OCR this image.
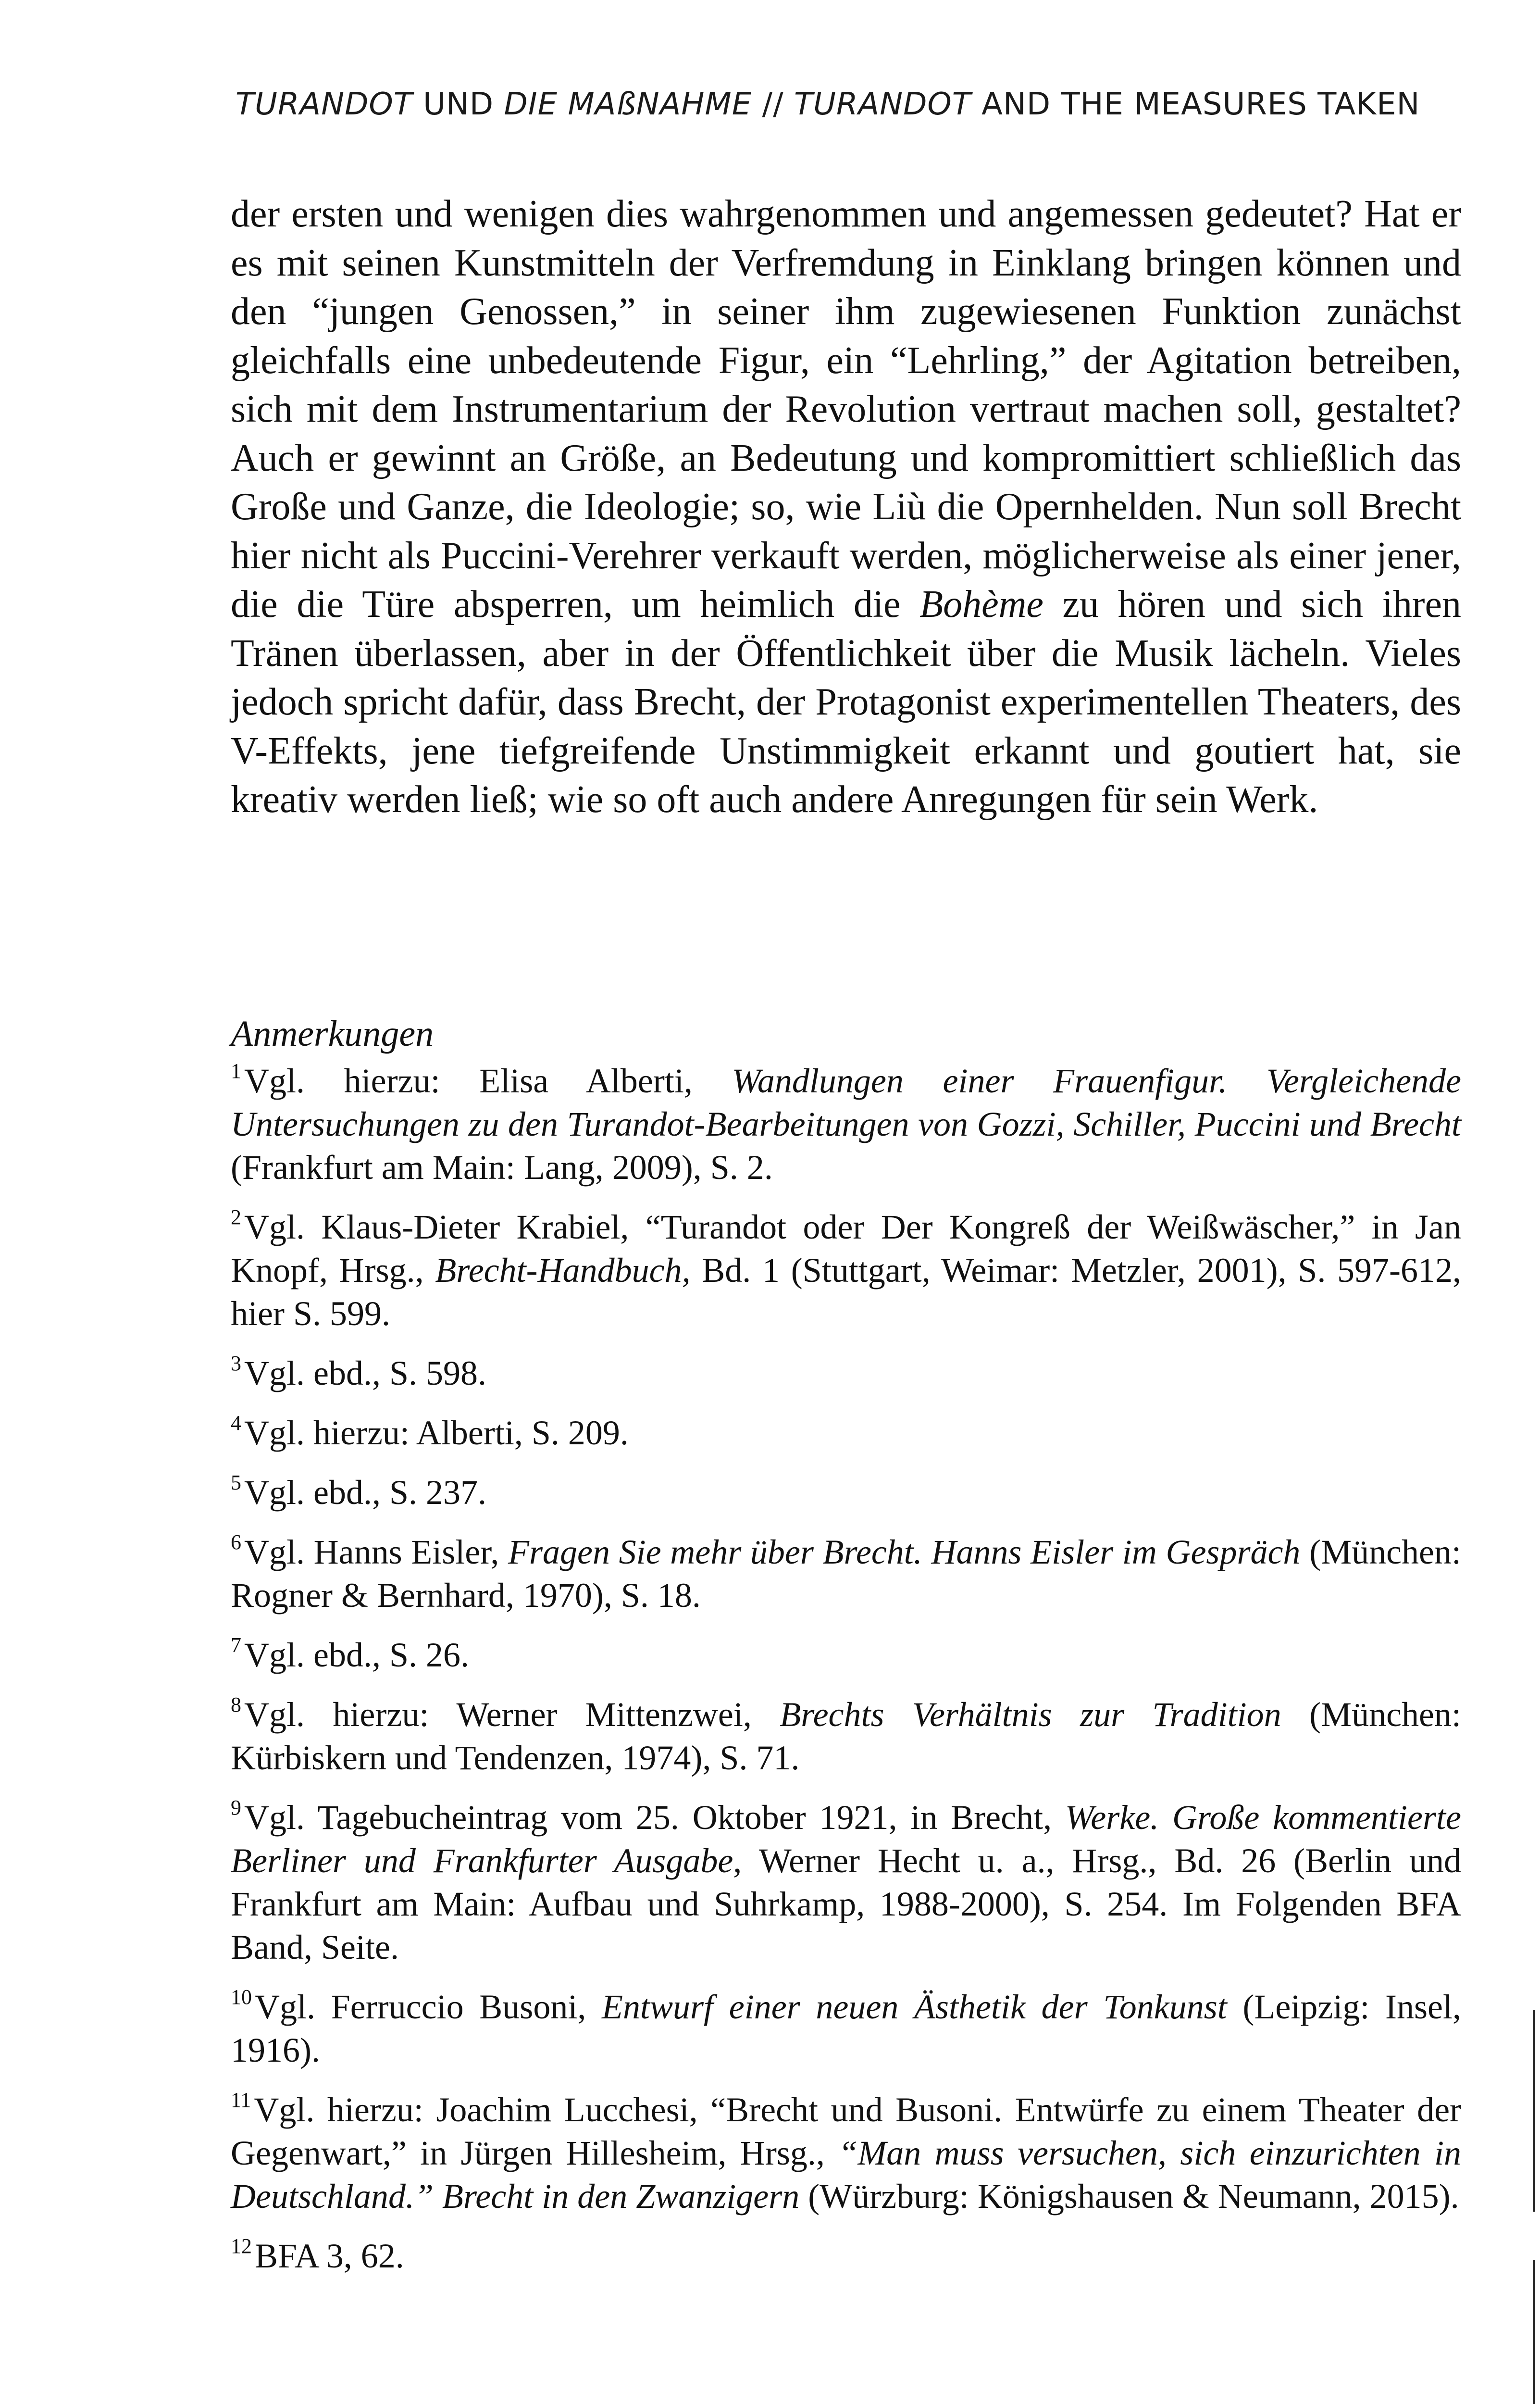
TURANDOT UND DIE MAßNAHME // TURANDOT AND THE MEASURES TAKEN

der ersten und wenigen dies wahrgenommen und angemessen gedeutet? Hat er es mit seinen Kunstmitteln der Verfremdung in Einklang bringen können und den “jungen Genossen,” in seiner ihm zugewiesenen Funktion zunächst gleichfalls eine unbedeutende Figur, ein “Lehrling,” der Agitation betreiben, sich mit dem Instrumentarium der Revolution vertraut machen soll, gestaltet? Auch er gewinnt an Größe, an Bedeutung und kompromittiert schließlich das Große und Ganze, die Ideologie; so, wie Liù die Opernhelden. Nun soll Brecht hier nicht als Puccini-Verehrer verkauft werden, möglicherweise als einer jener, die die Türe absperren, um heimlich die Bohème zu hören und sich ihren Tränen überlassen, aber in der Öffentlichkeit über die Musik lächeln. Vieles jedoch spricht dafür, dass Brecht, der Protagonist experimentellen Theaters, des V-Effekts, jene tiefgreifende Unstimmigkeit erkannt und goutiert hat, sie kreativ werden ließ; wie so oft auch andere Anregungen für sein Werk.

Anmerkungen
$^1$Vgl. hierzu: Elisa Alberti, Wandlungen einer Frauenfigur. Vergleichende Untersuchungen zu den Turandot-Bearbeitungen von Gozzi, Schiller, Puccini und Brecht (Frankfurt am Main: Lang, 2009), S. 2.
$^2$Vgl. Klaus-Dieter Krabiel, “Turandot oder Der Kongreß der Weißwäscher,” in Jan Knopf, Hrsg., Brecht-Handbuch, Bd. 1 (Stuttgart, Weimar: Metzler, 2001), S. 597-612, hier S. 599.
$^3$Vgl. ebd., S. 598.
$^4$Vgl. hierzu: Alberti, S. 209.
$^5$Vgl. ebd., S. 237.
$^6$Vgl. Hanns Eisler, Fragen Sie mehr über Brecht. Hanns Eisler im Gespräch (München: Rogner & Bernhard, 1970), S. 18.
$^7$Vgl. ebd., S. 26.
$^8$Vgl. hierzu: Werner Mittenzwei, Brechts Verhältnis zur Tradition (München: Kürbiskern und Tendenzen, 1974), S. 71.
$^9$Vgl. Tagebucheintrag vom 25. Oktober 1921, in Brecht, Werke. Große kommentierte Berliner und Frankfurter Ausgabe, Werner Hecht u. a., Hrsg., Bd. 26 (Berlin und Frankfurt am Main: Aufbau und Suhrkamp, 1988-2000), S. 254. Im Folgenden BFA Band, Seite.
$^{10}$Vgl. Ferruccio Busoni, Entwurf einer neuen Ästhetik der Tonkunst (Leipzig: Insel, 1916).
$^{11}$Vgl. hierzu: Joachim Lucchesi, “Brecht und Busoni. Entwürfe zu einem Theater der Gegenwart,” in Jürgen Hillesheim, Hrsg., “Man muss versuchen, sich einzurichten in Deutschland.” Brecht in den Zwanzigern (Würzburg: Königshausen & Neumann, 2015).
$^{12}$BFA 3, 62.
